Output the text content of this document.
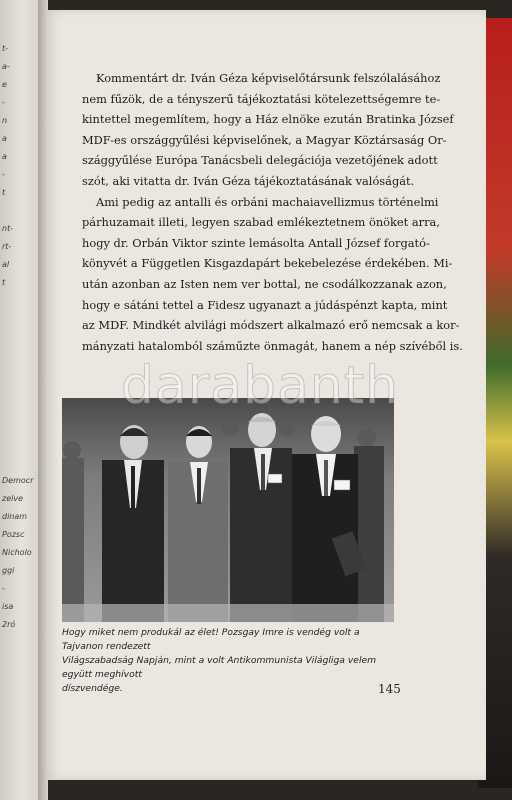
t-
a-
e
-
n
a
a
-
t
nt-
rt-
al
t
Democr
zelve
dinam
Pozsc
Nicholo
ggi
-
isa
2ró

Kommentárt dr. Iván Géza képviselőtársunk felszólalásához
nem fűzök, de a tényszerű tájékoztatási kötelezettségemre te-
kintettel megemlítem, hogy a Ház elnöke ezután Bratinka József
MDF-es országgyűlési képviselőnek, a Magyar Köztársaság Or-
szággyűlése Európa Tanácsbeli delegációja vezetőjének adott
szót, aki vitatta dr. Iván Géza tájékoztatásának valóságát.

Ami pedig az antalli és orbáni machaiavellizmus történelmi
párhuzamait illeti, legyen szabad emlékeztetnem önöket arra,
hogy dr. Orbán Viktor szinte lemásolta Antall József forgató-
könyvét a Független Kisgazdapárt bekebelezése érdekében. Mi-
után azonban az Isten nem ver bottal, ne csodálkozzanak azon,
hogy e sátáni tettel a Fidesz ugyanazt a júdáspénzt kapta, mint
az MDF. Mindkét alvilági módszert alkalmazó erő nemcsak a kor-
mányzati hatalomból száműzte önmagát, hanem a nép szívéből is.

darabanth
Hogy miket nem produkál az élet! Pozsgay Imre is vendég volt a Tajvanon rendezett
Világszabadság Napján, mint a volt Antikommunista Világliga velem együtt meghívott
díszvendége.	145
